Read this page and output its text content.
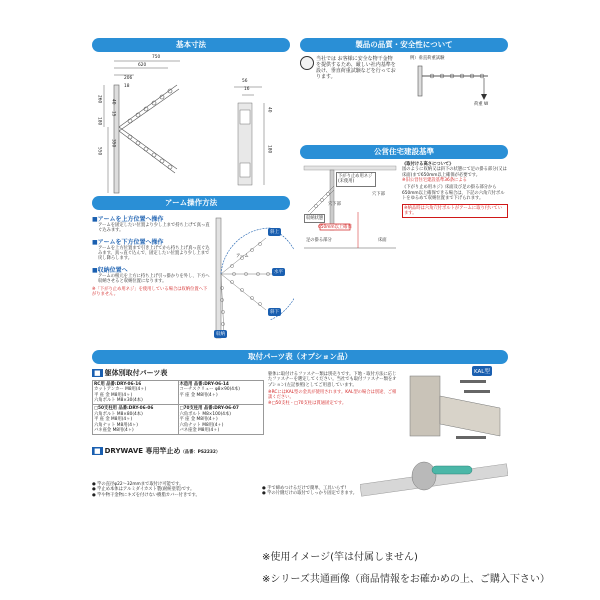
基本寸法	製品の品質・安全性について
公営住宅建設基準
アーム操作方法
取付パーツ表（オプション品）
750
620
206
18
260
180
40
15
550
350
56
16
40
180
当社では お客様に安全な物干金物を提供するため、厳しい社内基準を設け、垂直荷重試験などを行っております。
例）垂直荷重試験
荷重 W
下がり止め用ネジ(未使用)
穴下部
穴下部
収納状態
650mm以上確保
床面
足の掛る部分
《取付ける高さについて》
図のように収納又は斜下の状態にて足の掛る部分(又は床面)まで650mm以上確保が必要です。
※旧公営住宅建設基準36条による
《下がり止め用ネジ》床面及び足の掛る部分から650mm以上確保できる場合は、下記の六角穴付ボルトをゆるめて収納位置まで下げられます。
※納品時は六角穴付ボルトがアームに取り付いています。
■アームを上方位置へ操作
アームを固定したい位置より少し上まで持ち上げて真っ直ぐ込みます。
■アームを下方位置へ操作
アームを上方位置まで引き上げてから持ち上げ真っ直ぐ込みます。真っ直ぐ込んで、固定したい位置より少し上まで戻し降ろします。
■収納位置へ
アームの根元を上方に持ち上げ引っ掛かりを外し、下方へ収納させると収納位置になります。
※「下がり止め用ネジ」を使用している場合は収納位置へ下がりません。
アーム
斜上
水平
斜下
収納
■ 躯体別取付パーツ表
RC用 品番:DRY-06-16
カットアンカー M8用(4ヶ)
平 座 金 M8用(4ヶ)
六角ボルト M8×30(4本)
木造用 品番:DRY-06-14
コーチスクリュー φ8×90(4本)
平 座 金 M8用(4ヶ)
□50支柱用 品番:DRY-06-06
六角ボルト M8×80(4本)
平 座 金 M8用(4ヶ)
六角ナット M8用(4ヶ)
バネ座金 M8用(4ヶ)
□70支柱用 品番:DRY-06-07
六角ボルト M8×100(4本)
平 座 金 M8用(4ヶ)
六角ナット M8用(4ヶ)
バネ座金 M8用(4ヶ)
躯体に取付けるファスナー類は別売りです。下地・取付方法に応じたファスナーを選定してください。当社でも取付ファスナー類をオプション(左記参照)としてご用意しています。
※RCにはKAL型の金具が使用されます。KAL型の場合は別途、ご相談ください。
※□50支柱・□70支柱は貫通固定です。
KAL型
■ DRYWAVE 専用竿止め（品番：PS2232）
● 竿の直径φ22～32mmまで取付け可能です。
● 竿止め本体はアルミダイカスト製(耐候塗装)です。
● 竿や物干金物にキズを付けない樹脂カバー付きです。
● 手で締めつけるだけで簡単、工具いらず!
● 竿の片側だけの取付でしっかり固定できます。
※使用イメージ(竿は付属しません)
※シリーズ共通画像（商品情報をお確かめの上、ご購入下さい）
